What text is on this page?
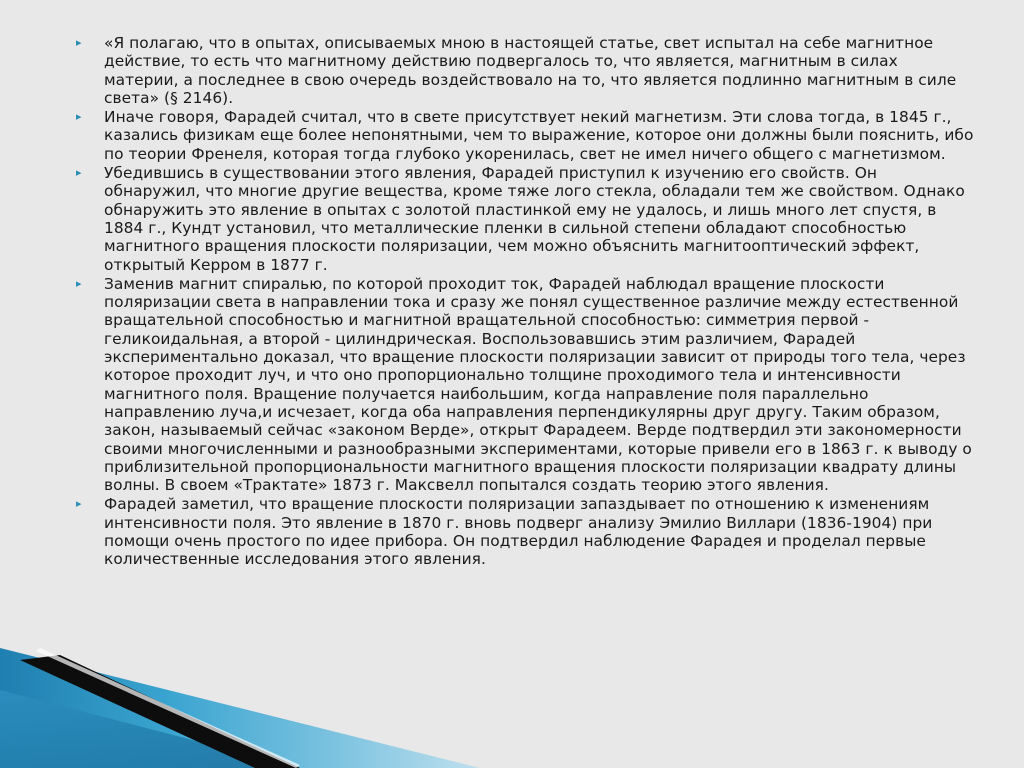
▸ «Я полагаю, что в опытах, описываемых мною в настоящей статье, свет испытал на себе магнитное действие, то есть что магнитному действию подвергалось то, что является, магнитным в силах материи, а последнее в свою очередь воздействовало на то, что является подлинно магнитным в силе света» (§ 2146).
▸ Иначе говоря, Фарадей считал, что в свете присутствует некий магнетизм. Эти слова тогда, в 1845 г., казались физикам еще более непонятными, чем то выражение, которое они должны были пояснить, ибо по теории Френеля, которая тогда глубоко укоренилась, свет не имел ничего общего с магнетизмом.
▸ Убедившись в существовании этого явления, Фарадей приступил к изучению его свойств. Он обнаружил, что многие другие вещества, кроме тяже лого стекла, обладали тем же свойством. Однако обнаружить это явление в опытах с золотой пластинкой ему не удалось, и лишь много лет спустя, в 1884 г., Кундт установил, что металлические пленки в сильной степени обладают способностью магнитного вращения плоскости поляризации, чем можно объяснить магнитооптический эффект, открытый Керром в 1877 г.
▸ Заменив магнит спиралью, по которой проходит ток, Фарадей наблюдал вращение плоскости поляризации света в направлении тока и сразу же понял существенное различие между естественной вращательной способностью и магнитной вращательной способностью: симметрия первой - геликоидальная, а второй - цилиндрическая. Воспользовавшись этим различием, Фарадей экспериментально доказал, что вращение плоскости поляризации зависит от природы того тела, через которое проходит луч, и что оно пропорционально толщине проходимого тела и интенсивности магнитного поля. Вращение получается наибольшим, когда направление поля параллельно направлению луча,и исчезает, когда оба направления перпендикулярны друг другу. Таким образом, закон, называемый сейчас «законом Верде», открыт Фарадеем. Верде подтвердил эти закономерности своими многочисленными и разнообразными экспериментами, которые привели его в 1863 г. к выводу о приблизительной пропорциональности магнитного вращения плоскости поляризации квадрату длины волны. В своем «Трактате» 1873 г. Максвелл попытался создать теорию этого явления.
▸ Фарадей заметил, что вращение плоскости поляризации запаздывает по отношению к изменениям интенсивности поля. Это явление в 1870 г. вновь подверг анализу Эмилио Виллари (1836-1904) при помощи очень простого по идее прибора. Он подтвердил наблюдение Фарадея и проделал первые количественные исследования этого явления.
